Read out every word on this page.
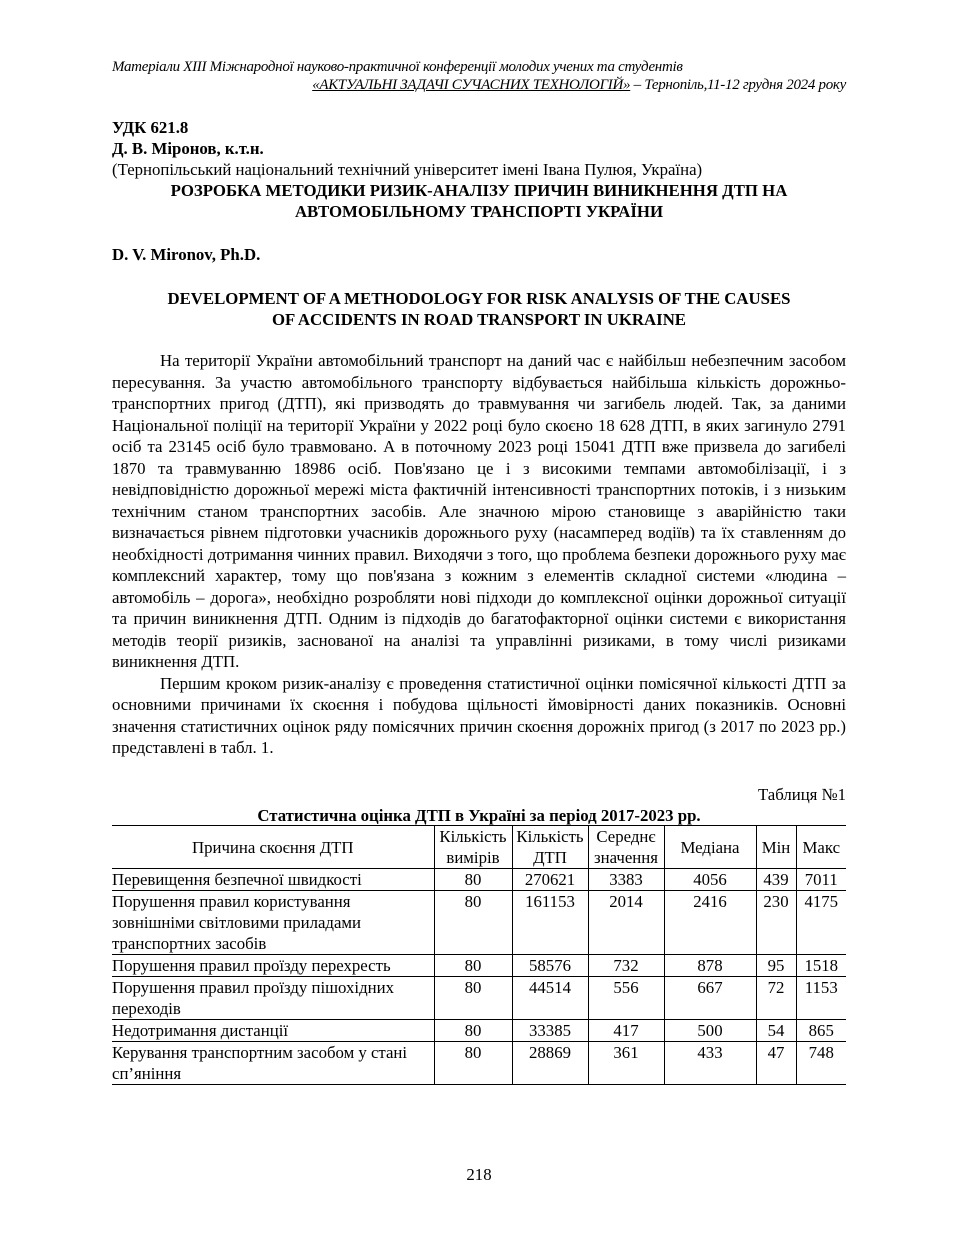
Матеріали XIII Міжнародної науково-практичної конференції молодих учених та студентів
«АКТУАЛЬНІ ЗАДАЧІ СУЧАСНИХ ТЕХНОЛОГІЙ» – Тернопіль,11-12 грудня 2024 року
УДК 621.8
Д. В. Міронов, к.т.н.
(Тернопільський національний технічний університет імені Івана Пулюя, Україна)
РОЗРОБКА МЕТОДИКИ РИЗИК-АНАЛІЗУ ПРИЧИН ВИНИКНЕННЯ ДТП НА
АВТОМОБІЛЬНОМУ ТРАНСПОРТІ УКРАЇНИ
D. V. Mironov, Ph.D.
DEVELOPMENT OF A METHODOLOGY FOR RISK ANALYSIS OF THE CAUSES
OF ACCIDENTS IN ROAD TRANSPORT IN UKRAINE

На території України автомобільний транспорт на даний час є найбільш небезпечним засобом пересування. За участю автомобільного транспорту відбувається найбільша кількість дорожньо-транспортних пригод (ДТП), які призводять до травмування чи загибель людей. Так, за даними Національної поліції на території України у 2022 році було скоєно 18 628 ДТП, в яких загинуло 2791 осіб та 23145 осіб було травмовано. А в поточному 2023 році 15041 ДТП вже призвела до загибелі 1870 та травмуванню 18986 осіб. Пов'язано це і з високими темпами автомобілізації, і з невідповідністю дорожньої мережі міста фактичній інтенсивності транспортних потоків, і з низьким технічним станом транспортних засобів. Але значною мірою становище з аварійністю таки визначається рівнем підготовки учасників дорожнього руху (насамперед водіїв) та їх ставленням до необхідності дотримання чинних правил. Виходячи з того, що проблема безпеки дорожнього руху має комплексний характер, тому що пов'язана з кожним з елементів складної системи «людина – автомобіль – дорога», необхідно розробляти нові підходи до комплексної оцінки дорожньої ситуації та причин виникнення ДТП. Одним із підходів до багатофакторної оцінки системи є використання методів теорії ризиків, заснованої на аналізі та управлінні ризиками, в тому числі ризиками виникнення ДТП.

Першим кроком ризик-аналізу є проведення статистичної оцінки помісячної кількості ДТП за основними причинами їх скоєння і побудова щільності ймовірності даних показників. Основні значення статистичних оцінок ряду помісячних причин скоєння дорожніх пригод (з 2017 по 2023 рр.) представлені в табл. 1.

Таблиця №1
Статистична оцінка ДТП в Україні за період 2017-2023 рр.
Причина скоєння ДТП	Кількість вимірів	Кількість ДТП	Середнє значення	Медіана	Мін	Макс
Перевищення безпечної швидкості	80	270621	3383	4056	439	7011
Порушення правил користування зовнішніми світловими приладами транспортних засобів	80	161153	2014	2416	230	4175
Порушення правил проїзду перехресть	80	58576	732	878	95	1518
Порушення правил проїзду пішохідних переходів	80	44514	556	667	72	1153
Недотримання дистанції	80	33385	417	500	54	865
Керування транспортним засобом у стані сп’яніння	80	28869	361	433	47	748
218
